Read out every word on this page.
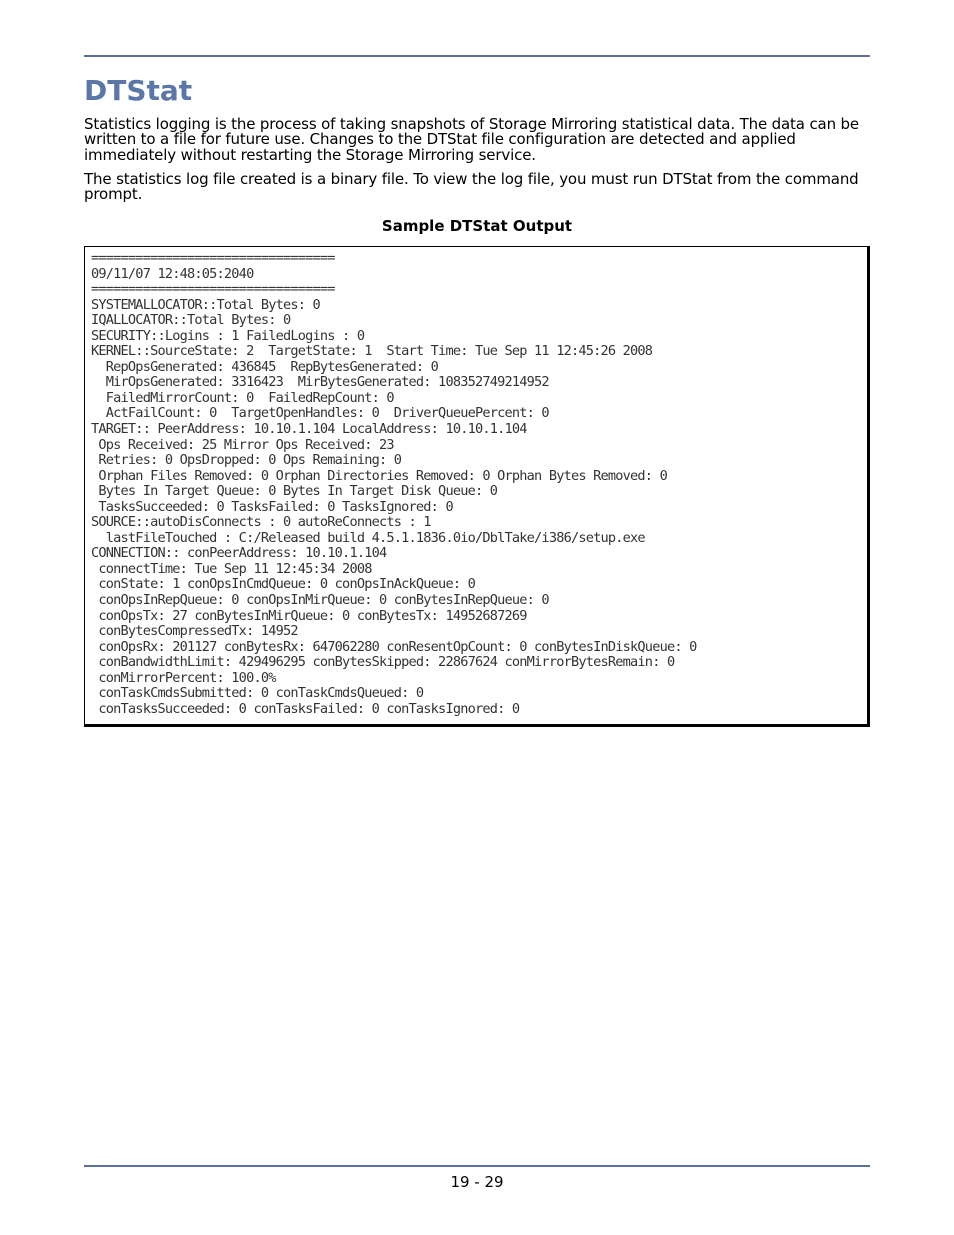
DTStat

Statistics logging is the process of taking snapshots of Storage Mirroring statistical data. The data can be written to a file for future use. Changes to the DTStat file configuration are detected and applied immediately without restarting the Storage Mirroring service.

The statistics log file created is a binary file. To view the log file, you must run DTStat from the command prompt.

Sample DTStat Output

=================================
09/11/07 12:48:05:2040
=================================
SYSTEMALLOCATOR::Total Bytes: 0
IQALLOCATOR::Total Bytes: 0
SECURITY::Logins : 1 FailedLogins : 0
KERNEL::SourceState: 2  TargetState: 1  Start Time: Tue Sep 11 12:45:26 2008
RepOpsGenerated: 436845  RepBytesGenerated: 0
MirOpsGenerated: 3316423  MirBytesGenerated: 108352749214952
FailedMirrorCount: 0  FailedRepCount: 0
ActFailCount: 0  TargetOpenHandles: 0  DriverQueuePercent: 0
TARGET:: PeerAddress: 10.10.1.104 LocalAddress: 10.10.1.104
Ops Received: 25 Mirror Ops Received: 23
Retries: 0 OpsDropped: 0 Ops Remaining: 0
Orphan Files Removed: 0 Orphan Directories Removed: 0 Orphan Bytes Removed: 0
Bytes In Target Queue: 0 Bytes In Target Disk Queue: 0
TasksSucceeded: 0 TasksFailed: 0 TasksIgnored: 0
SOURCE::autoDisConnects : 0 autoReConnects : 1
lastFileTouched : C:/Released build 4.5.1.1836.0io/DblTake/i386/setup.exe
CONNECTION:: conPeerAddress: 10.10.1.104
connectTime: Tue Sep 11 12:45:34 2008
conState: 1 conOpsInCmdQueue: 0 conOpsInAckQueue: 0
conOpsInRepQueue: 0 conOpsInMirQueue: 0 conBytesInRepQueue: 0
conOpsTx: 27 conBytesInMirQueue: 0 conBytesTx: 14952687269
conBytesCompressedTx: 14952
conOpsRx: 201127 conBytesRx: 647062280 conResentOpCount: 0 conBytesInDiskQueue: 0
conBandwidthLimit: 429496295 conBytesSkipped: 22867624 conMirrorBytesRemain: 0
conMirrorPercent: 100.0%
conTaskCmdsSubmitted: 0 conTaskCmdsQueued: 0
conTasksSucceeded: 0 conTasksFailed: 0 conTasksIgnored: 0

19 - 29
